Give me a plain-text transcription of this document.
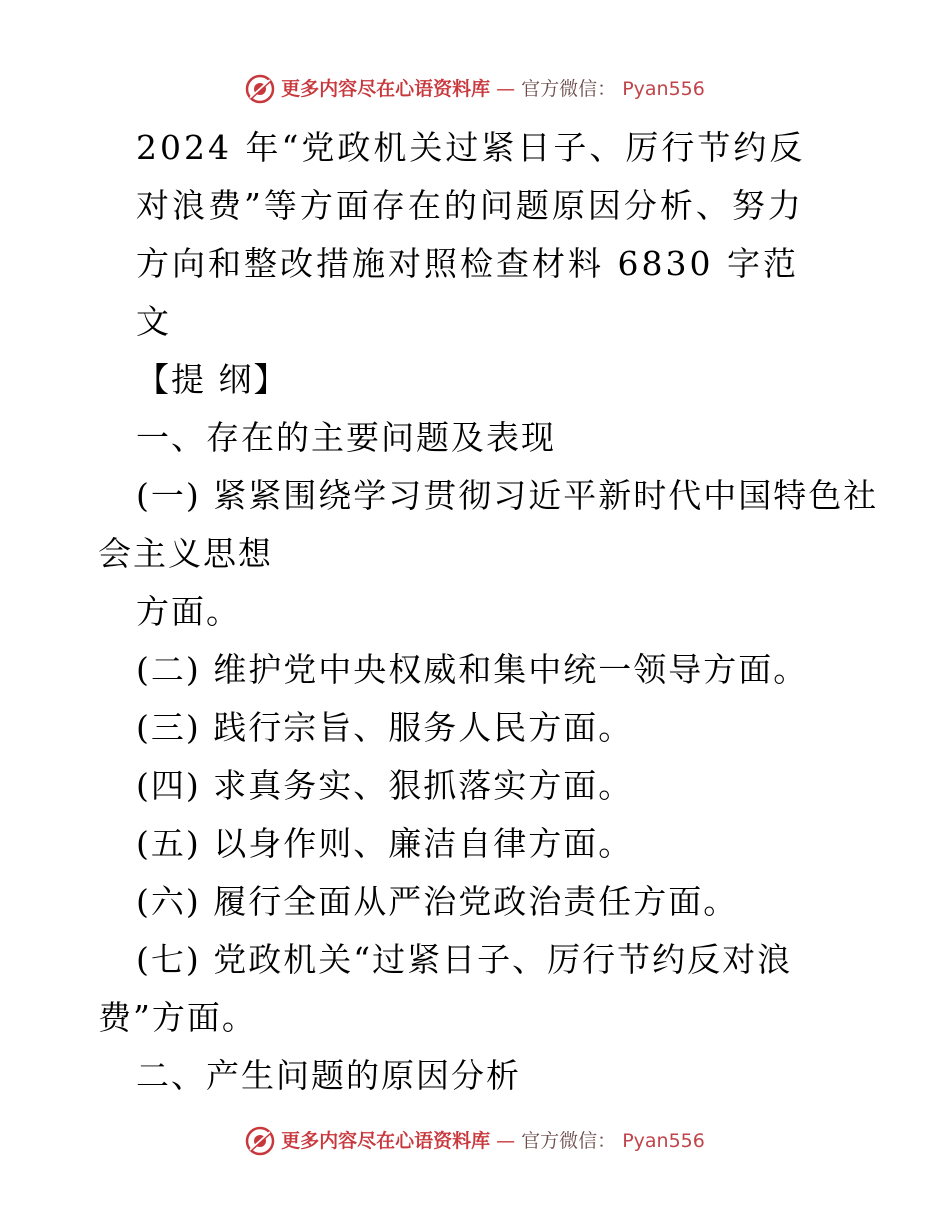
更多内容尽在心语资料库 — 官方微信： Pyan556
2024 年“党政机关过紧日子、厉行节约反
对浪费”等方面存在的问题原因分析、努力
方向和整改措施对照检查材料 6830 字范
文
【提 纲】
一、存在的主要问题及表现
(一) 紧紧围绕学习贯彻习近平新时代中国特色社
会主义思想
方面。
(二) 维护党中央权威和集中统一领导方面。
(三) 践行宗旨、服务人民方面。
(四) 求真务实、狠抓落实方面。
(五) 以身作则、廉洁自律方面。
(六) 履行全面从严治党政治责任方面。
(七) 党政机关“过紧日子、厉行节约反对浪
费”方面。
二、产生问题的原因分析
更多内容尽在心语资料库 — 官方微信： Pyan556
